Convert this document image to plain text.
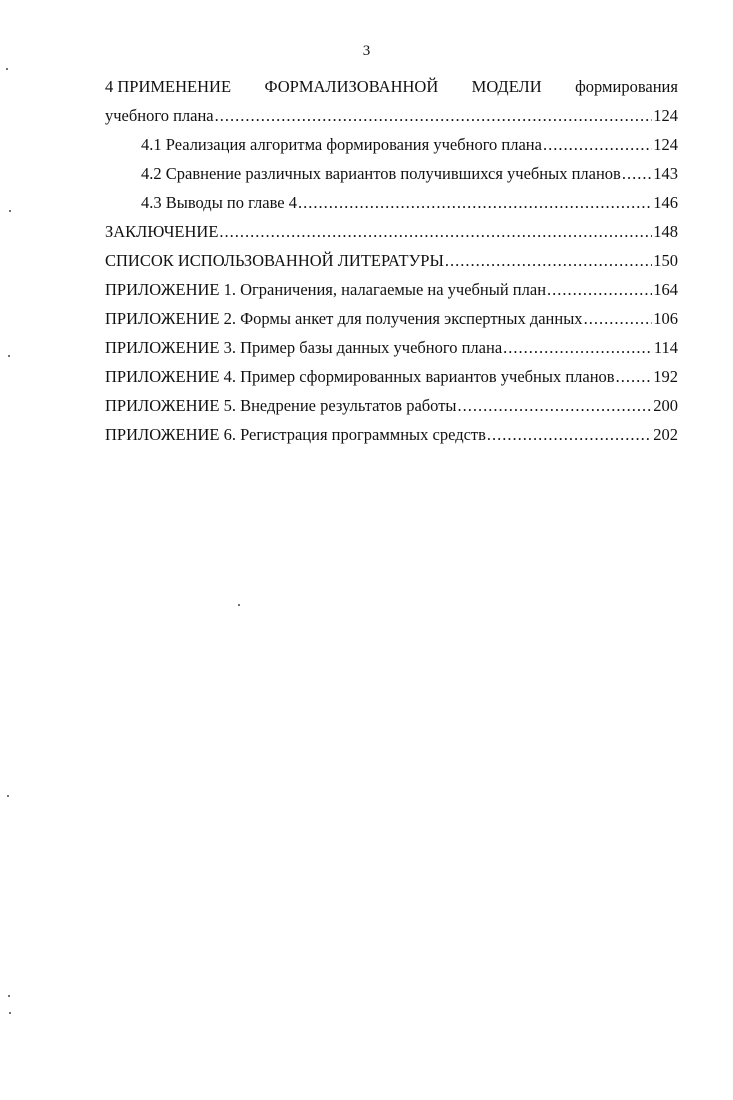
3
4 ПРИМЕНЕНИЕ ФОРМАЛИЗОВАННОЙ МОДЕЛИ формирования
учебного плана .....	124
4.1 Реализация алгоритма формирования учебного плана .....	124
4.2 Сравнение различных вариантов получившихся учебных планов ..... 143
4.3 Выводы по главе 4 .....	146
ЗАКЛЮЧЕНИЕ .....	148
СПИСОК ИСПОЛЬЗОВАННОЙ ЛИТЕРАТУРЫ .....	150
ПРИЛОЖЕНИЕ 1. Ограничения, налагаемые на учебный план .....	164
ПРИЛОЖЕНИЕ 2. Формы анкет для получения экспертных данных .....	106
ПРИЛОЖЕНИЕ 3. Пример базы данных учебного плана .....	114
ПРИЛОЖЕНИЕ 4. Пример сформированных вариантов учебных планов ..... 192
ПРИЛОЖЕНИЕ 5. Внедрение результатов работы .....	200
ПРИЛОЖЕНИЕ 6. Регистрация программных средств .....	202
